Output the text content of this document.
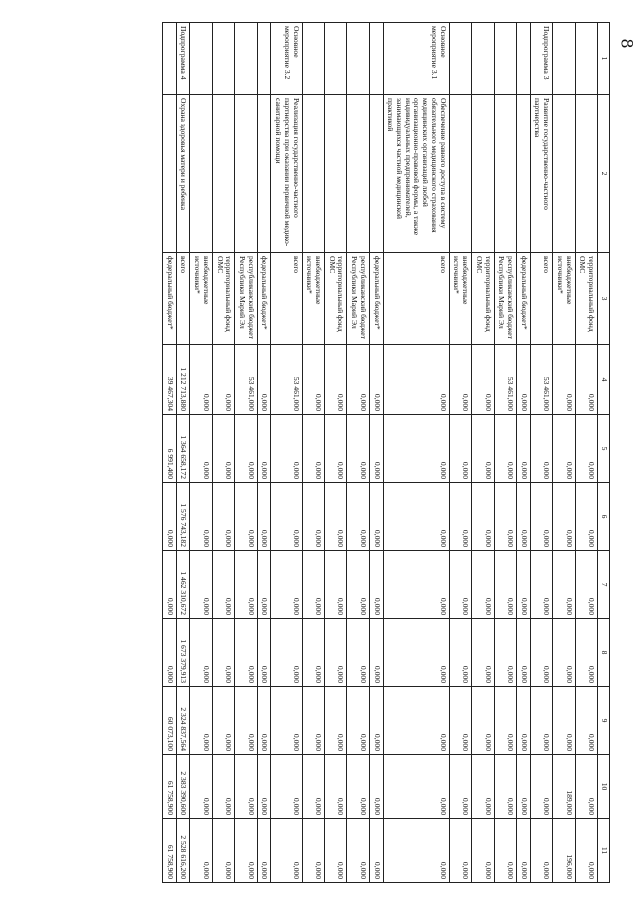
8
1	2	3	4	5	6	7	8	9	10	11
		территориальный фонд ОМС	0,000	0,000	0,000	0,000	0,000	0,000	0,000	0,000
		внебюджетные источники*	0,000	0,000	0,000	0,000	0,000	0,000	189,000	196,000
Подпрограмма 3	Развитие государственно-частного партнерства	всего	53 461,000	0,000	0,000	0,000	0,000	0,000	0,000	0,000
		федеральный бюджет*	0,000	0,000	0,000	0,000	0,000	0,000	0,000	0,000
		республиканский бюджет Республики Марий Эл	53 461,000	0,000	0,000	0,000	0,000	0,000	0,000	0,000
		территориальный фонд ОМС	0,000	0,000	0,000	0,000	0,000	0,000	0,000	0,000
		внебюджетные источники*	0,000	0,000	0,000	0,000	0,000	0,000	0,000	0,000
Основное мероприятие 3.1	Обеспечение равного доступа в систему обязательного медицинского страхования медицинских организаций любой организационно-правовой формы, а также индивидуальных предпринимателей, занимающихся частной медицинской практикой	всего	0,000	0,000	0,000	0,000	0,000	0,000	0,000	0,000
		федеральный бюджет*	0,000	0,000	0,000	0,000	0,000	0,000	0,000	0,000
		республиканский бюджет Республики Марий Эл	0,000	0,000	0,000	0,000	0,000	0,000	0,000	0,000
		территориальный фонд ОМС	0,000	0,000	0,000	0,000	0,000	0,000	0,000	0,000
		внебюджетные источники*	0,000	0,000	0,000	0,000	0,000	0,000	0,000	0,000
Основное мероприятие 3.2	Реализация государственно-частного партнерства при оказании первичной медико-санитарной помощи	всего	53 461,000	0,000	0,000	0,000	0,000	0,000	0,000	0,000
		федеральный бюджет*	0,000	0,000	0,000	0,000	0,000	0,000	0,000	0,000
		республиканский бюджет Республики Марий Эл	53 461,000	0,000	0,000	0,000	0,000	0,000	0,000	0,000
		территориальный фонд ОМС	0,000	0,000	0,000	0,000	0,000	0,000	0,000	0,000
		внебюджетные источники*	0,000	0,000	0,000	0,000	0,000	0,000	0,000	0,000
Подпрограмма 4	Охрана здоровья матери и ребенка	всего	1 212 713,880	1 364 658,172	1 576 743,182	1 462 310,672	1 673 379,913	2 324 837,564	2 383 390,600	2 528 616,200
		федеральный бюджет*	39 467,304	6 991,400	0,000	0,000	0,000	60 073,100	61 758,900	61 758,900
